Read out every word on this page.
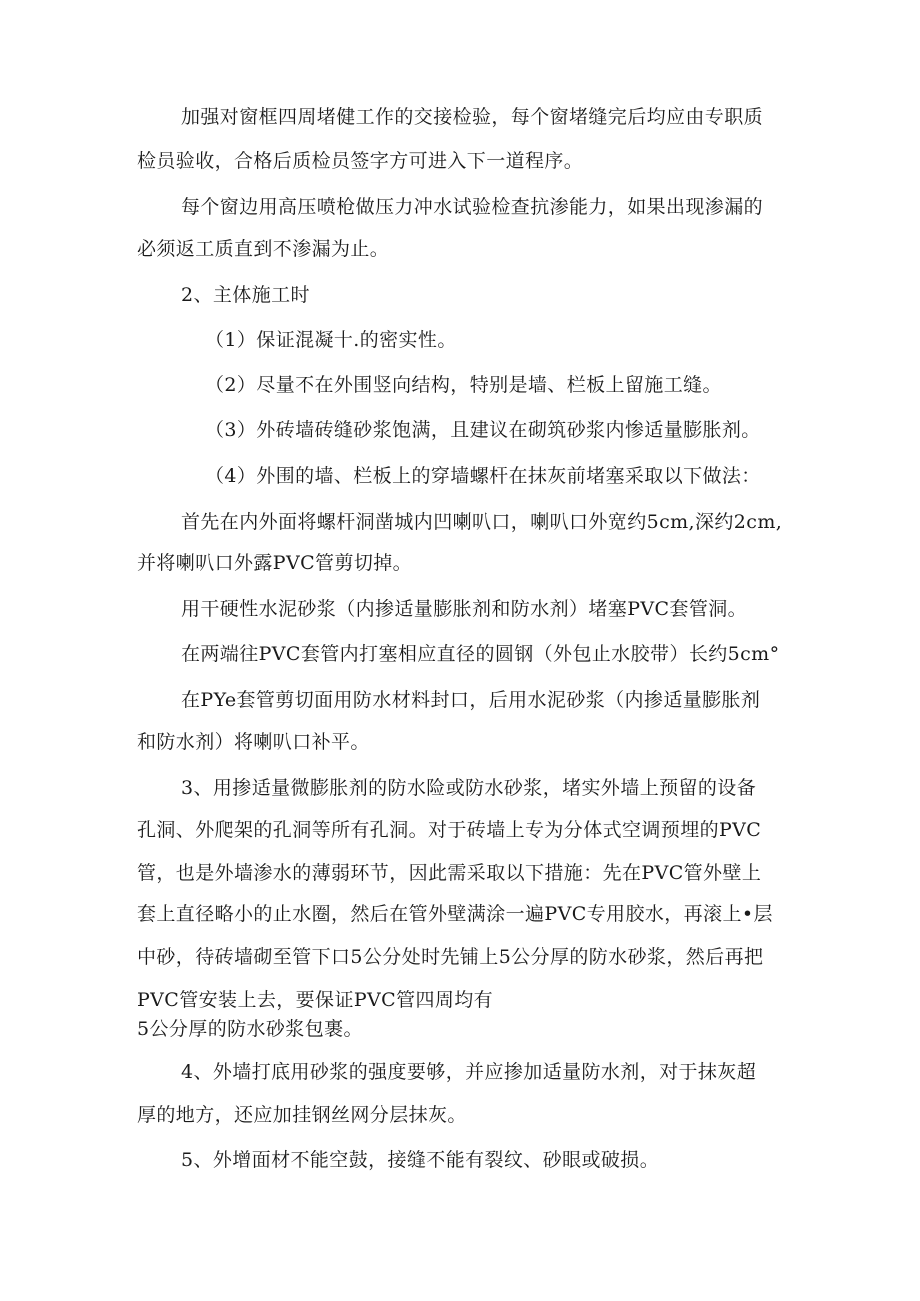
加强对窗框四周堵健工作的交接检验，每个窗堵缝完后均应由专职质
检员验收，合格后质检员签字方可进入下一道程序。
每个窗边用高压喷枪做压力冲水试验检查抗渗能力，如果出现渗漏的
必须返工质直到不渗漏为止。
2、主体施工时
（1）保证混凝十.的密实性。
（2）尽量不在外围竖向结构，特别是墙、栏板上留施工缝。
（3）外砖墙砖缝砂浆饱满，且建议在砌筑砂浆内惨适量膨胀剂。
（4）外围的墙、栏板上的穿墙螺杆在抹灰前堵塞采取以下做法：
首先在内外面将螺杆洞凿城内凹喇叭口，喇叭口外宽约5cm,深约2cm,
并将喇叭口外露PVC管剪切掉。
用干硬性水泥砂浆（内掺适量膨胀剂和防水剂）堵塞PVC套管洞。
在两端往PVC套管内打塞相应直径的圆钢（外包止水胶带）长约5cm°
在PYe套管剪切面用防水材料封口，后用水泥砂浆（内掺适量膨胀剂
和防水剂）将喇叭口补平。
3、用掺适量微膨胀剂的防水险或防水砂浆，堵实外墙上预留的设备
孔洞、外爬架的孔洞等所有孔洞。对于砖墙上专为分体式空调预埋的PVC
管，也是外墙渗水的薄弱环节，因此需采取以下措施：先在PVC管外壁上
套上直径略小的止水圈，然后在管外壁满涂一遍PVC专用胶水，再滚上•层
中砂，待砖墙砌至管下口5公分处时先铺上5公分厚的防水砂浆，然后再把
PVC管安装上去，要保证PVC管四周均有
5公分厚的防水砂浆包裹。
4、外墙打底用砂浆的强度要够，并应掺加适量防水剂，对于抹灰超
厚的地方，还应加挂钢丝网分层抹灰。
5、外增面材不能空鼓，接缝不能有裂纹、砂眼或破损。
